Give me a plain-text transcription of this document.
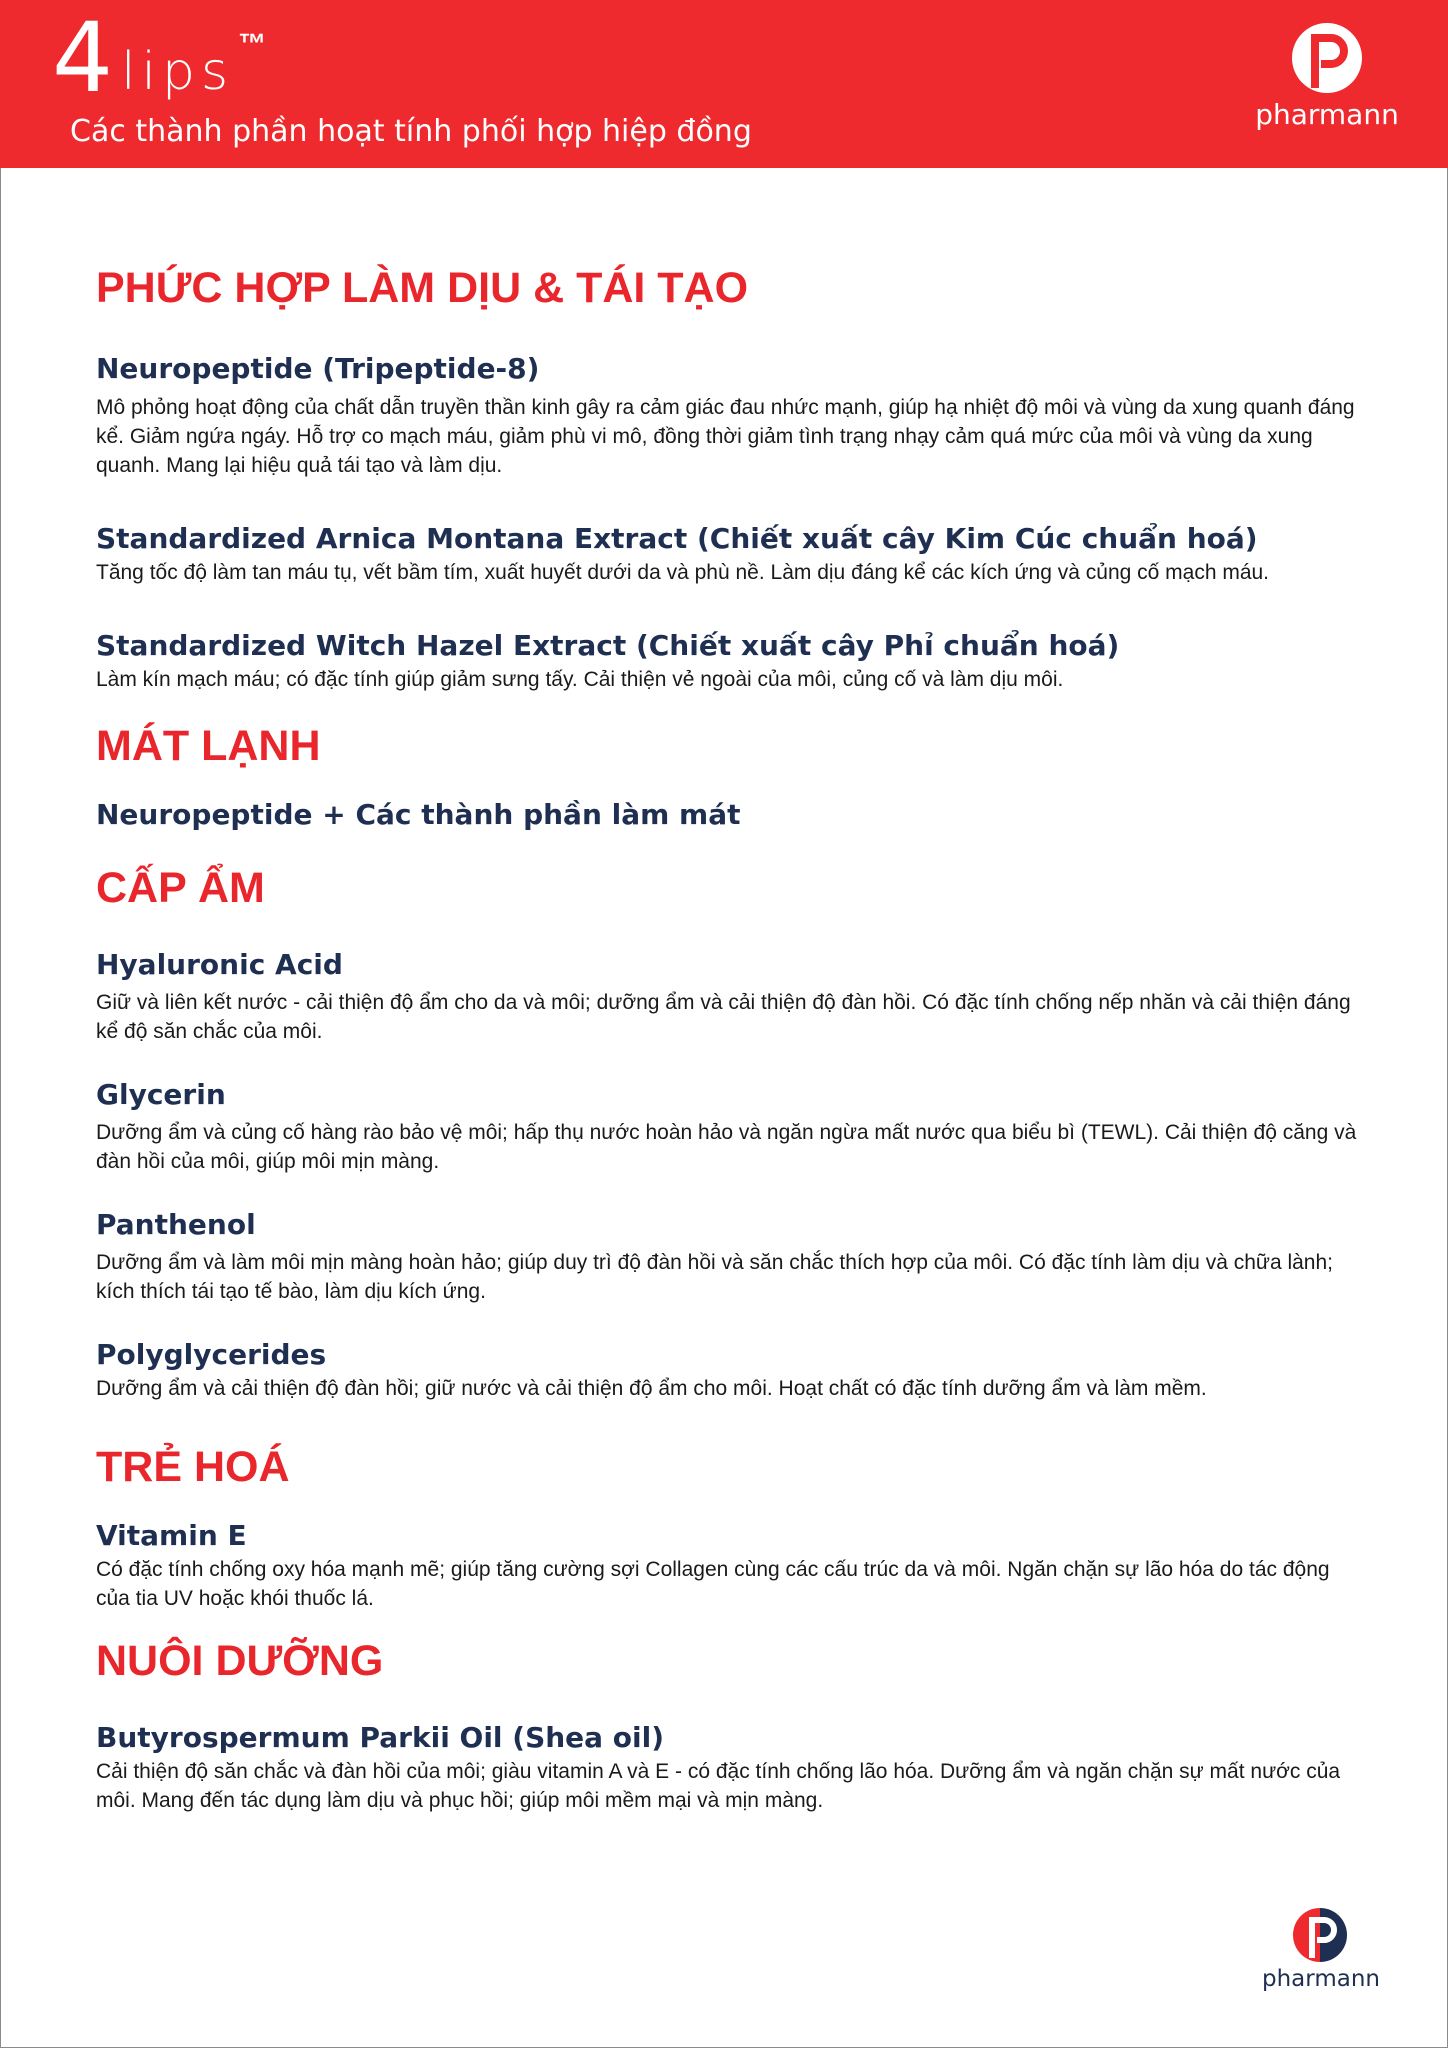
4 lips ™
Các thành phần hoạt tính phối hợp hiệp đồng	pharmann
PHỨC HỢP LÀM DỊU & TÁI TẠO
Neuropeptide (Tripeptide-8)

Mô phỏng hoạt động của chất dẫn truyền thần kinh gây ra cảm giác đau nhức mạnh, giúp hạ nhiệt độ môi và vùng da xung quanh đáng kể. Giảm ngứa ngáy. Hỗ trợ co mạch máu, giảm phù vi mô, đồng thời giảm tình trạng nhạy cảm quá mức của môi và vùng da xung quanh. Mang lại hiệu quả tái tạo và làm dịu.

Standardized Arnica Montana Extract (Chiết xuất cây Kim Cúc chuẩn hoá)

Tăng tốc độ làm tan máu tụ, vết bầm tím, xuất huyết dưới da và phù nề. Làm dịu đáng kể các kích ứng và củng cố mạch máu.

Standardized Witch Hazel Extract (Chiết xuất cây Phỉ chuẩn hoá)

Làm kín mạch máu; có đặc tính giúp giảm sưng tấy. Cải thiện vẻ ngoài của môi, củng cố và làm dịu môi.

MÁT LẠNH
Neuropeptide + Các thành phần làm mát
CẤP ẨM
Hyaluronic Acid

Giữ và liên kết nước - cải thiện độ ẩm cho da và môi; dưỡng ẩm và cải thiện độ đàn hồi. Có đặc tính chống nếp nhăn và cải thiện đáng kể độ săn chắc của môi.

Glycerin

Dưỡng ẩm và củng cố hàng rào bảo vệ môi; hấp thụ nước hoàn hảo và ngăn ngừa mất nước qua biểu bì (TEWL). Cải thiện độ căng và đàn hồi của môi, giúp môi mịn màng.

Panthenol

Dưỡng ẩm và làm môi mịn màng hoàn hảo; giúp duy trì độ đàn hồi và săn chắc thích hợp của môi. Có đặc tính làm dịu và chữa lành; kích thích tái tạo tế bào, làm dịu kích ứng.

Polyglycerides

Dưỡng ẩm và cải thiện độ đàn hồi; giữ nước và cải thiện độ ẩm cho môi. Hoạt chất có đặc tính dưỡng ẩm và làm mềm.

TRẺ HOÁ
Vitamin E

Có đặc tính chống oxy hóa mạnh mẽ; giúp tăng cường sợi Collagen cùng các cấu trúc da và môi. Ngăn chặn sự lão hóa do tác động của tia UV hoặc khói thuốc lá.

NUÔI DƯỠNG
Butyrospermum Parkii Oil (Shea oil)

Cải thiện độ săn chắc và đàn hồi của môi; giàu vitamin A và E - có đặc tính chống lão hóa. Dưỡng ẩm và ngăn chặn sự mất nước của môi. Mang đến tác dụng làm dịu và phục hồi; giúp môi mềm mại và mịn màng.

pharmann
